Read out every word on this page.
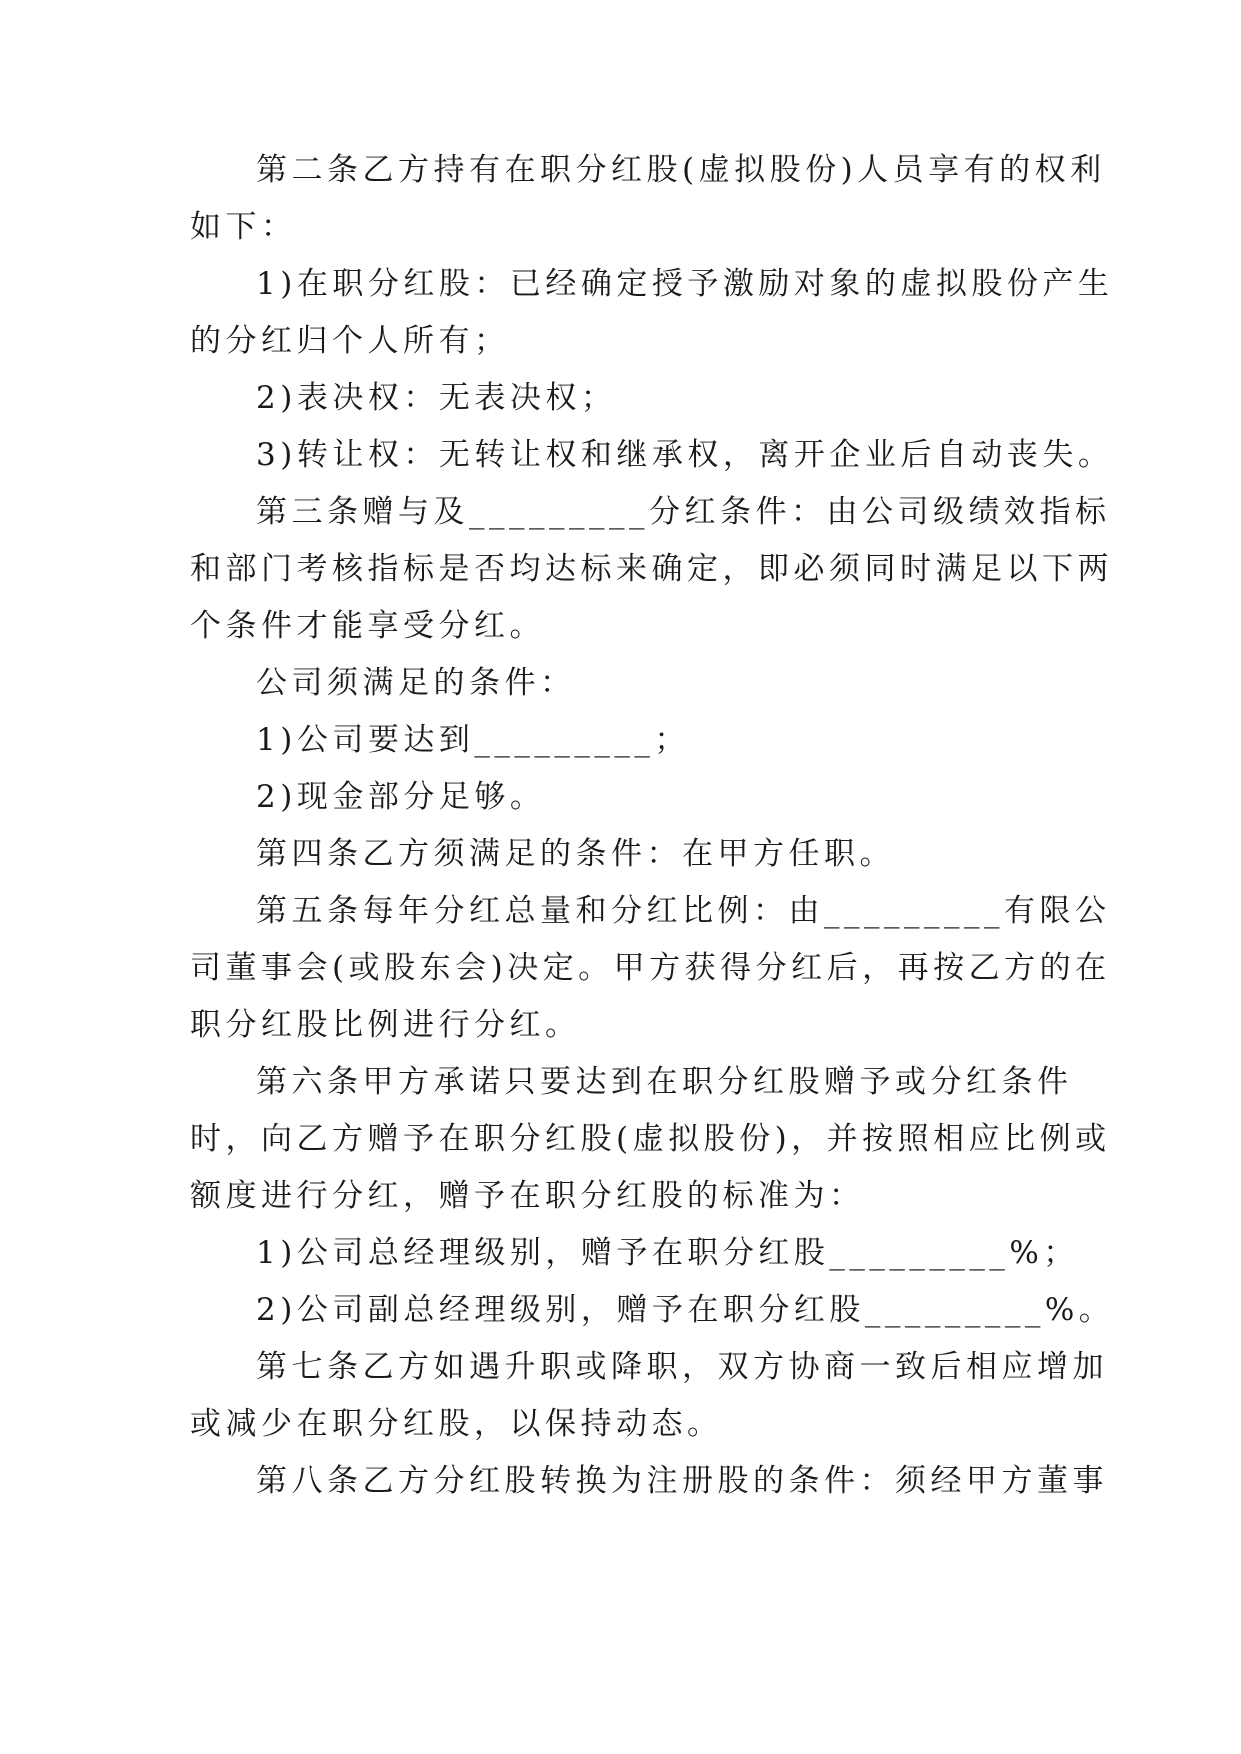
第二条乙方持有在职分红股(虚拟股份)人员享有的权利
如下：
1)在职分红股：已经确定授予激励对象的虚拟股份产生
的分红归个人所有；
2)表决权：无表决权；
3)转让权：无转让权和继承权，离开企业后自动丧失。
第三条赠与及_________分红条件：由公司级绩效指标
和部门考核指标是否均达标来确定，即必须同时满足以下两
个条件才能享受分红。
公司须满足的条件：
1)公司要达到_________；
2)现金部分足够。
第四条乙方须满足的条件：在甲方任职。
第五条每年分红总量和分红比例：由_________有限公
司董事会(或股东会)决定。甲方获得分红后，再按乙方的在
职分红股比例进行分红。
第六条甲方承诺只要达到在职分红股赠予或分红条件
时，向乙方赠予在职分红股(虚拟股份)，并按照相应比例或
额度进行分红，赠予在职分红股的标准为：
1)公司总经理级别，赠予在职分红股_________%；
2)公司副总经理级别，赠予在职分红股_________%。
第七条乙方如遇升职或降职，双方协商一致后相应增加
或减少在职分红股，以保持动态。
第八条乙方分红股转换为注册股的条件：须经甲方董事
